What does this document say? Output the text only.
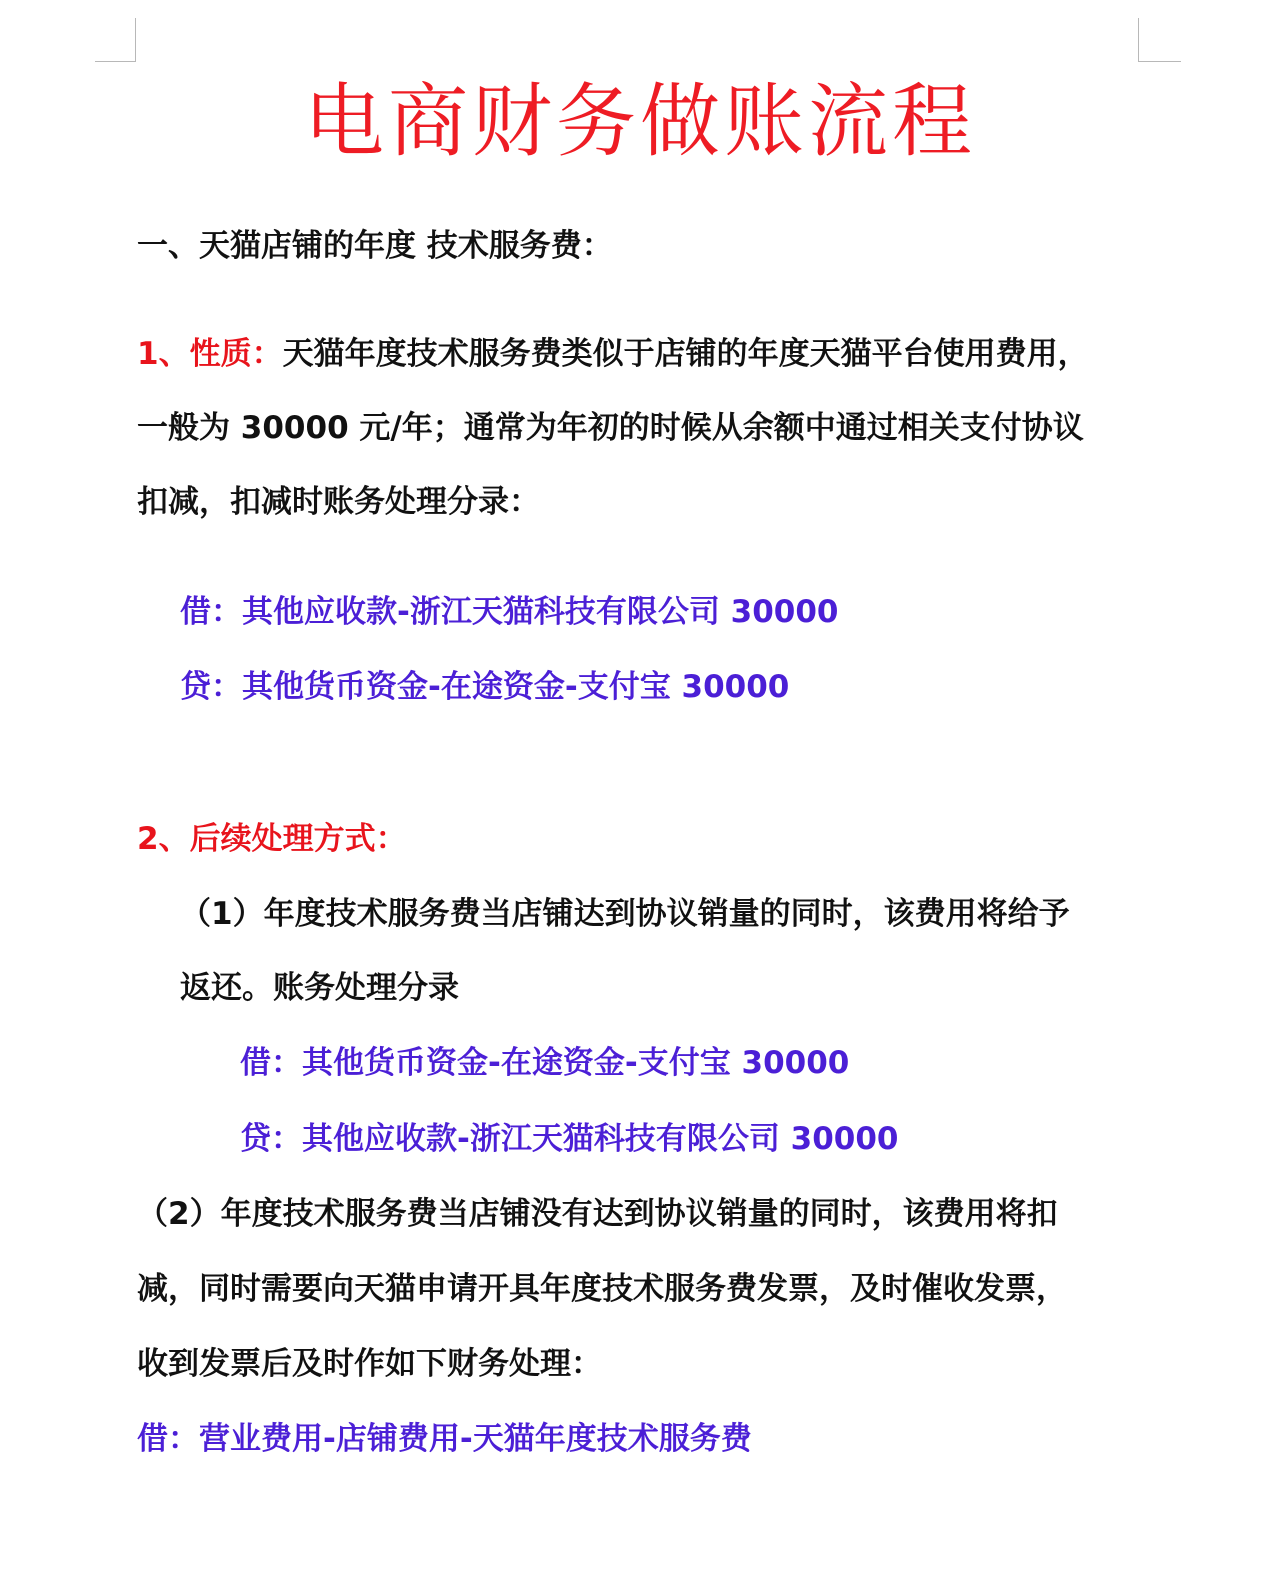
电商财务做账流程
一、天猫店铺的年度 技术服务费：
1、性质：天猫年度技术服务费类似于店铺的年度天猫平台使用费用，
一般为 30000 元/年；通常为年初的时候从余额中通过相关支付协议
扣减，扣减时账务处理分录：
借：其他应收款-浙江天猫科技有限公司 30000
贷：其他货币资金-在途资金-支付宝 30000
2、后续处理方式：
（1）年度技术服务费当店铺达到协议销量的同时，该费用将给予
返还。账务处理分录
借：其他货币资金-在途资金-支付宝 30000
贷：其他应收款-浙江天猫科技有限公司 30000
（2）年度技术服务费当店铺没有达到协议销量的同时，该费用将扣
减，同时需要向天猫申请开具年度技术服务费发票，及时催收发票，
收到发票后及时作如下财务处理：
借：营业费用-店铺费用-天猫年度技术服务费
